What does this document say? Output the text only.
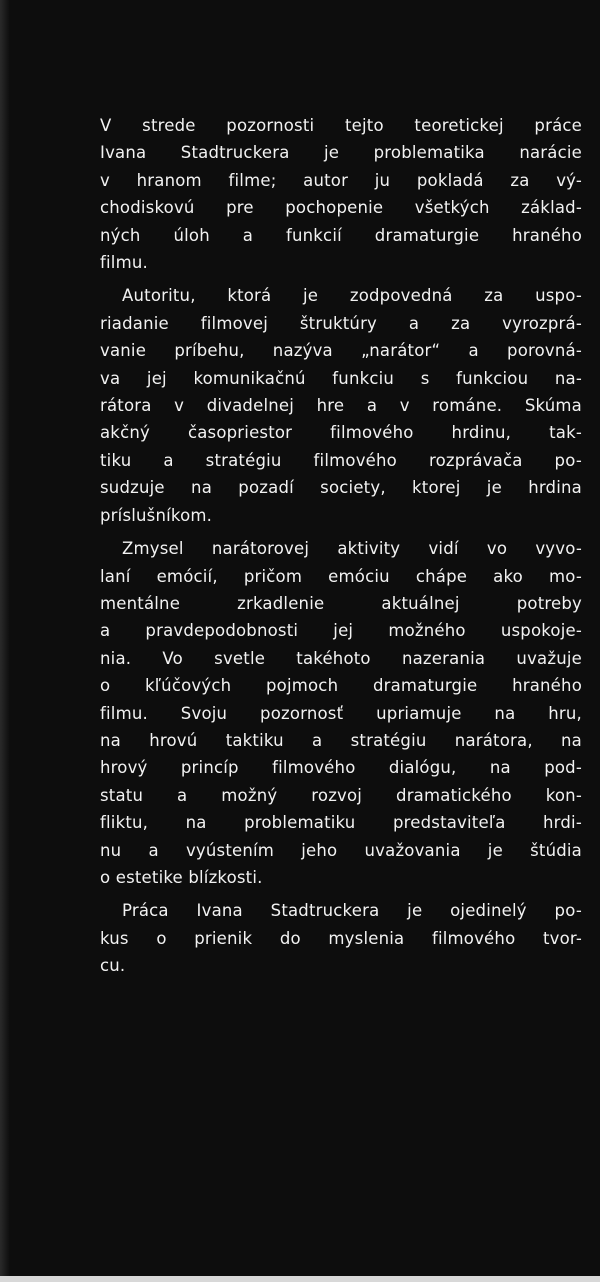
V strede pozornosti tejto teoretickej práce
Ivana Stadtruckera je problematika narácie
v hranom filme; autor ju pokladá za vý-
chodiskovú pre pochopenie všetkých základ-
ných úloh a funkcií dramaturgie hraného
filmu.
Autoritu, ktorá je zodpovedná za uspo-
riadanie filmovej štruktúry a za vyrozprá-
vanie príbehu, nazýva „narátor“ a porovná-
va jej komunikačnú funkciu s funkciou na-
rátora v divadelnej hre a v románe. Skúma
akčný časopriestor filmového hrdinu, tak-
tiku a stratégiu filmového rozprávača po-
sudzuje na pozadí society, ktorej je hrdina
príslušníkom.
Zmysel narátorovej aktivity vidí vo vyvo-
laní emócií, pričom emóciu chápe ako mo-
mentálne zrkadlenie aktuálnej potreby
a pravdepodobnosti jej možného uspokoje-
nia. Vo svetle takéhoto nazerania uvažuje
o kľúčových pojmoch dramaturgie hraného
filmu. Svoju pozornosť upriamuje na hru,
na hrovú taktiku a stratégiu narátora, na
hrový princíp filmového dialógu, na pod-
statu a možný rozvoj dramatického kon-
fliktu, na problematiku predstaviteľa hrdi-
nu a vyústením jeho uvažovania je štúdia
o estetike blízkosti.
Práca Ivana Stadtruckera je ojedinelý po-
kus o prienik do myslenia filmového tvor-
cu.
